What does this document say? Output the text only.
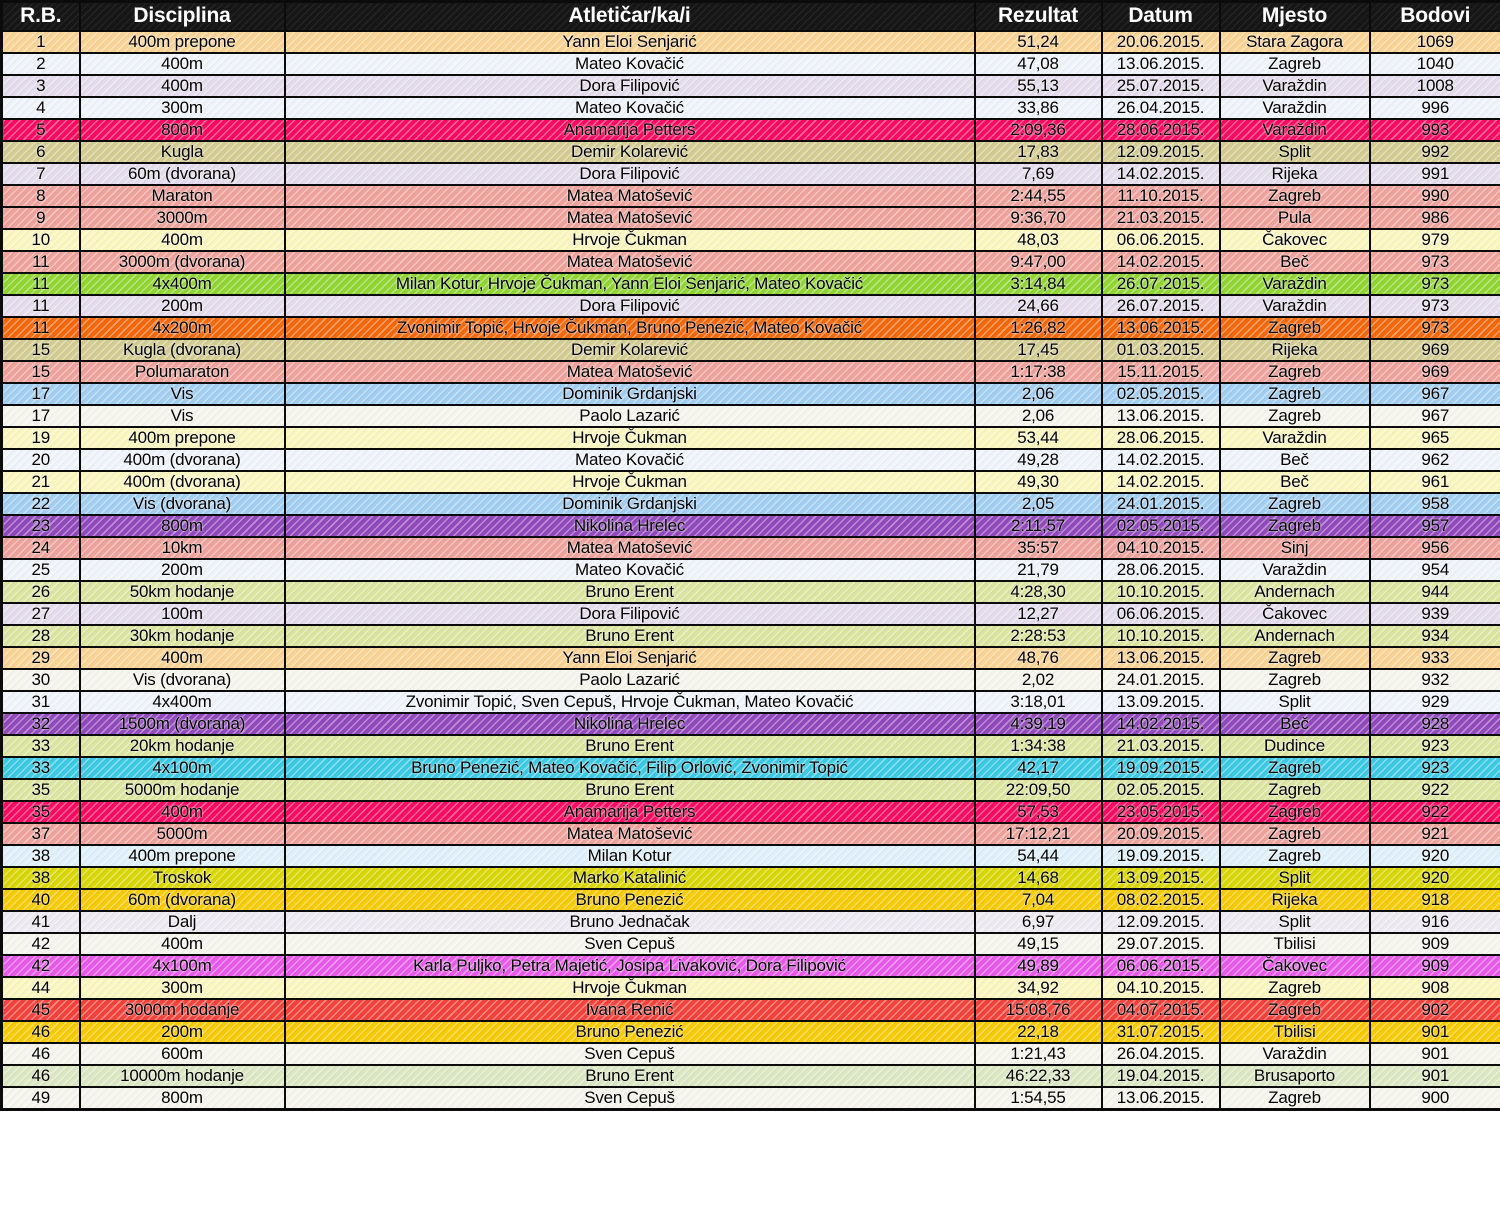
R.B.	Disciplina	Atletičar/ka/i	Rezultat	Datum	Mjesto	Bodovi
1	400m prepone	Yann Eloi Senjarić	51,24	20.06.2015.	Stara Zagora	1069
2	400m	Mateo Kovačić	47,08	13.06.2015.	Zagreb	1040
3	400m	Dora Filipović	55,13	25.07.2015.	Varaždin	1008
4	300m	Mateo Kovačić	33,86	26.04.2015.	Varaždin	996
5	800m	Anamarija Petters	2:09,36	28.06.2015.	Varaždin	993
6	Kugla	Demir Kolarević	17,83	12.09.2015.	Split	992
7	60m (dvorana)	Dora Filipović	7,69	14.02.2015.	Rijeka	991
8	Maraton	Matea Matošević	2:44,55	11.10.2015.	Zagreb	990
9	3000m	Matea Matošević	9:36,70	21.03.2015.	Pula	986
10	400m	Hrvoje Čukman	48,03	06.06.2015.	Čakovec	979
11	3000m (dvorana)	Matea Matošević	9:47,00	14.02.2015.	Beč	973
11	4x400m	Milan Kotur, Hrvoje Čukman, Yann Eloi Senjarić, Mateo Kovačić	3:14,84	26.07.2015.	Varaždin	973
11	200m	Dora Filipović	24,66	26.07.2015.	Varaždin	973
11	4x200m	Zvonimir Topić, Hrvoje Čukman, Bruno Penezić, Mateo Kovačić	1:26,82	13.06.2015.	Zagreb	973
15	Kugla (dvorana)	Demir Kolarević	17,45	01.03.2015.	Rijeka	969
15	Polumaraton	Matea Matošević	1:17:38	15.11.2015.	Zagreb	969
17	Vis	Dominik Grdanjski	2,06	02.05.2015.	Zagreb	967
17	Vis	Paolo Lazarić	2,06	13.06.2015.	Zagreb	967
19	400m prepone	Hrvoje Čukman	53,44	28.06.2015.	Varaždin	965
20	400m (dvorana)	Mateo Kovačić	49,28	14.02.2015.	Beč	962
21	400m (dvorana)	Hrvoje Čukman	49,30	14.02.2015.	Beč	961
22	Vis (dvorana)	Dominik Grdanjski	2,05	24.01.2015.	Zagreb	958
23	800m	Nikolina Hrelec	2:11,57	02.05.2015.	Zagreb	957
24	10km	Matea Matošević	35:57	04.10.2015.	Sinj	956
25	200m	Mateo Kovačić	21,79	28.06.2015.	Varaždin	954
26	50km hodanje	Bruno Erent	4:28,30	10.10.2015.	Andernach	944
27	100m	Dora Filipović	12,27	06.06.2015.	Čakovec	939
28	30km hodanje	Bruno Erent	2:28:53	10.10.2015.	Andernach	934
29	400m	Yann Eloi Senjarić	48,76	13.06.2015.	Zagreb	933
30	Vis (dvorana)	Paolo Lazarić	2,02	24.01.2015.	Zagreb	932
31	4x400m	Zvonimir Topić, Sven Cepuš, Hrvoje Čukman, Mateo Kovačić	3:18,01	13.09.2015.	Split	929
32	1500m (dvorana)	Nikolina Hrelec	4:39,19	14.02.2015.	Beč	928
33	20km hodanje	Bruno Erent	1:34:38	21.03.2015.	Dudince	923
33	4x100m	Bruno Penezić, Mateo Kovačić, Filip Orlović, Zvonimir Topić	42,17	19.09.2015.	Zagreb	923
35	5000m hodanje	Bruno Erent	22:09,50	02.05.2015.	Zagreb	922
35	400m	Anamarija Petters	57,53	23.05.2015.	Zagreb	922
37	5000m	Matea Matošević	17:12,21	20.09.2015.	Zagreb	921
38	400m prepone	Milan Kotur	54,44	19.09.2015.	Zagreb	920
38	Troskok	Marko Katalinić	14,68	13.09.2015.	Split	920
40	60m (dvorana)	Bruno Penezić	7,04	08.02.2015.	Rijeka	918
41	Dalj	Bruno Jednačak	6,97	12.09.2015.	Split	916
42	400m	Sven Cepuš	49,15	29.07.2015.	Tbilisi	909
42	4x100m	Karla Puljko, Petra Majetić, Josipa Livaković, Dora Filipović	49,89	06.06.2015.	Čakovec	909
44	300m	Hrvoje Čukman	34,92	04.10.2015.	Zagreb	908
45	3000m hodanje	Ivana Renić	15:08,76	04.07.2015.	Zagreb	902
46	200m	Bruno Penezić	22,18	31.07.2015.	Tbilisi	901
46	600m	Sven Cepuš	1:21,43	26.04.2015.	Varaždin	901
46	10000m hodanje	Bruno Erent	46:22,33	19.04.2015.	Brusaporto	901
49	800m	Sven Cepuš	1:54,55	13.06.2015.	Zagreb	900
